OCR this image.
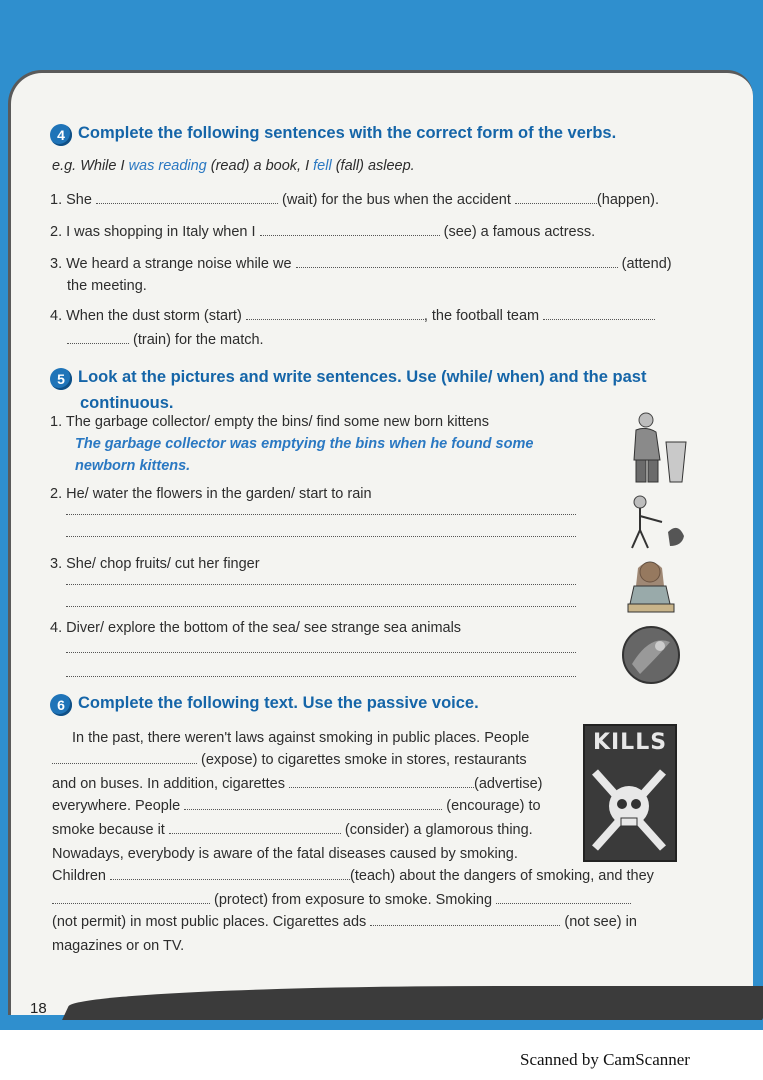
4 Complete the following sentences with the correct form of the verbs.
e.g. While I was reading (read) a book, I fell (fall) asleep.
1. She	(wait) for the bus when the accident	(happen).
2. I was shopping in Italy when I	(see) a famous actress.
3. We heard a strange noise while we	(attend)
the meeting.
4. When the dust storm (start)	, the football team
(train) for the match.
5 Look at the pictures and write sentences. Use (while/ when) and the past
continuous.
1. The garbage collector/ empty the bins/ find some new born kittens
The garbage collector was emptying the bins when he found some
newborn kittens.
2. He/ water the flowers in the garden/ start to rain
3. She/ chop fruits/ cut her finger
4. Diver/ explore the bottom of the sea/ see strange sea animals
6 Complete the following text. Use the passive voice.
KILLS
In the past, there weren't laws against smoking in public places. People
(expose) to cigarettes smoke in stores, restaurants
and on buses. In addition, cigarettes	(advertise)
everywhere. People	(encourage) to
smoke because it	(consider) a glamorous thing.
Nowadays, everybody is aware of the fatal diseases caused by smoking.
Children	(teach) about the dangers of smoking, and they
(protect) from exposure to smoke. Smoking
(not permit) in most public places. Cigarettes ads	(not see) in
magazines or on TV.
18
Scanned by CamScanner
